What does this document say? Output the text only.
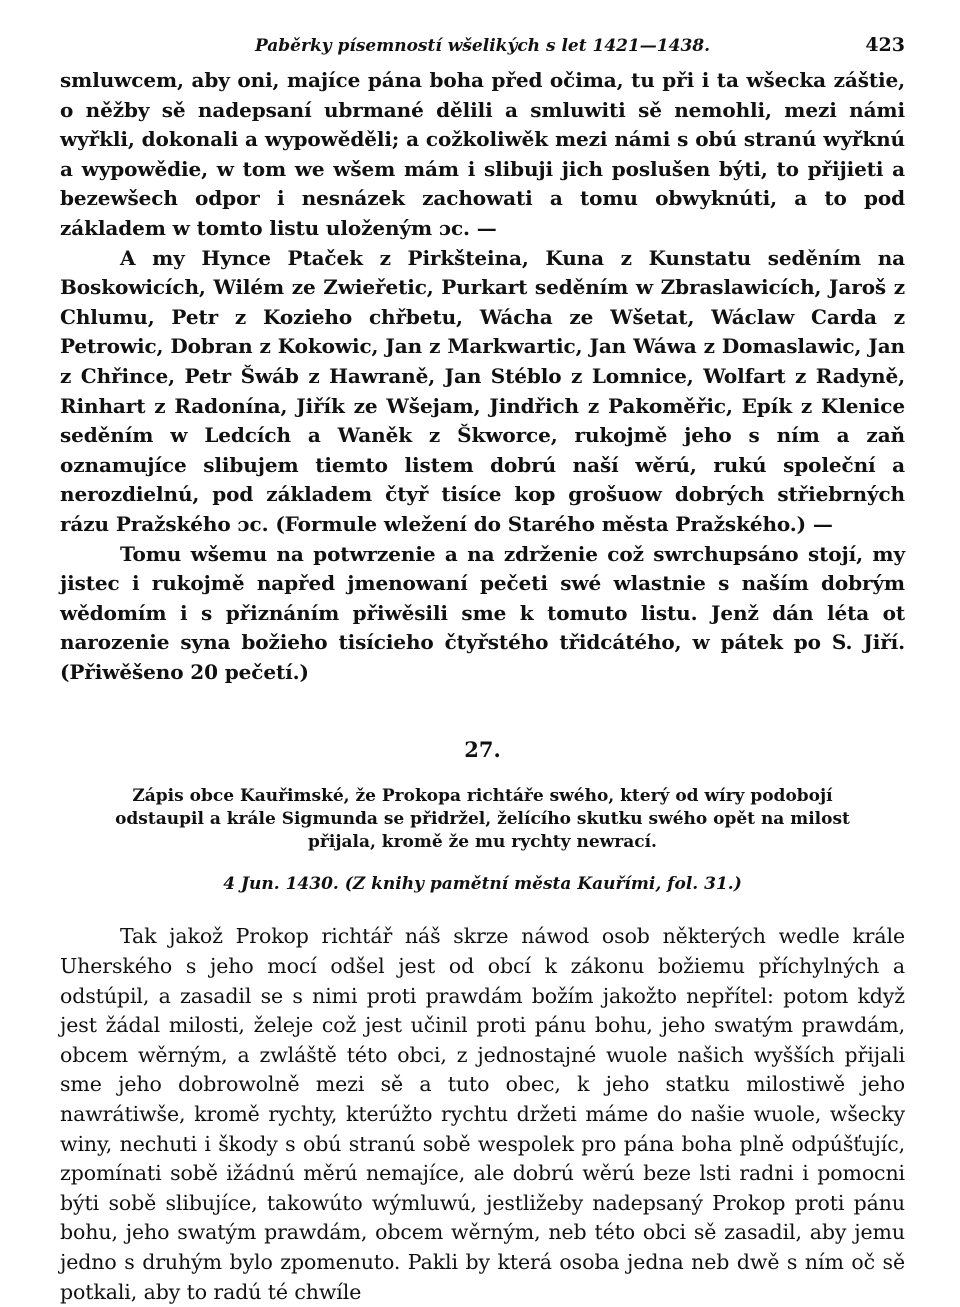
Paběrky písemností wšelikých s let 1421—1438.	423

smluwcem, aby oni, majíce pána boha před očima, tu při i ta wšecka záštie, o něžby sě nadepsaní ubrmané dělili a smluwiti sě nemohli, mezi námi wyřkli, dokonali a wypowěděli; a cožkoliwěk mezi námi s obú stranú wyřknú a wypowědie, w tom we wšem mám i slibuji jich poslušen býti, to přijieti a bezewšech odpor i nesnázek zachowati a tomu obwyknúti, a to pod základem w tomto listu uloženým ɔc. —

A my Hynce Ptaček z Pirkšteina, Kuna z Kunstatu seděním na Boskowicích, Wilém ze Zwieřetic, Purkart seděním w Zbraslawicích, Jaroš z Chlumu, Petr z Kozieho chřbetu, Wácha ze Wšetat, Wáclaw Carda z Petrowic, Dobran z Kokowic, Jan z Markwartic, Jan Wáwa z Domaslawic, Jan z Chřince, Petr Šwáb z Hawraně, Jan Stéblo z Lomnice, Wolfart z Radyně, Rinhart z Radonína, Jiřík ze Wšejam, Jindřich z Pakoměřic, Epík z Klenice seděním w Ledcích a Waněk z Škworce, rukojmě jeho s ním a zaň oznamujíce slibujem tiemto listem dobrú naší wěrú, rukú společní a nerozdielnú, pod základem čtyř tisíce kop grošuow dobrých střiebrných rázu Pražského ɔc. (Formule wležení do Starého města Pražského.) —

Tomu wšemu na potwrzenie a na zdrženie což swrchupsáno stojí, my jistec i rukojmě napřed jmenowaní pečeti swé wlastnie s naším dobrým wědomím i s přiznáním přiwěsili sme k tomuto listu. Jenž dán léta ot narozenie syna božieho tisícieho čtyřstého třidcátého, w pátek po S. Jiří. (Přiwěšeno 20 pečetí.)

27.
Zápis obce Kauřimské, že Prokopa richtáře swého, který od wíry podobojí odstaupil a krále Sigmunda se přidržel, želícího skutku swého opět na milost přijala, kromě že mu rychty newrací.
4 Jun. 1430. (Z knihy pamětní města Kauřími, fol. 31.)

Tak jakož Prokop richtář náš skrze náwod osob některých wedle krále Uherského s jeho mocí odšel jest od obcí k zákonu božiemu příchylných a odstúpil, a zasadil se s nimi proti prawdám božím jakožto nepřítel: potom když jest žádal milosti, želeje což jest učinil proti pánu bohu, jeho swatým prawdám, obcem wěrným, a zwláště této obci, z jednostajné wuole našich wyšších přijali sme jeho dobrowolně mezi sě a tuto obec, k jeho statku milostiwě jeho nawrátiwše, kromě rychty, kterúžto rychtu držeti máme do našie wuole, wšecky winy, nechuti i škody s obú stranú sobě wespolek pro pána boha plně odpúšťujíc, zpomínati sobě ižádnú měrú nemajíce, ale dobrú wěrú beze lsti radni i pomocni býti sobě slibujíce, takowúto wýmluwú, jestližeby nadepsaný Prokop proti pánu bohu, jeho swatým prawdám, obcem wěrným, neb této obci sě zasadil, aby jemu jedno s druhým bylo zpomenuto. Pakli by která osoba jedna neb dwě s ním oč sě potkali, aby to radú té chwíle
